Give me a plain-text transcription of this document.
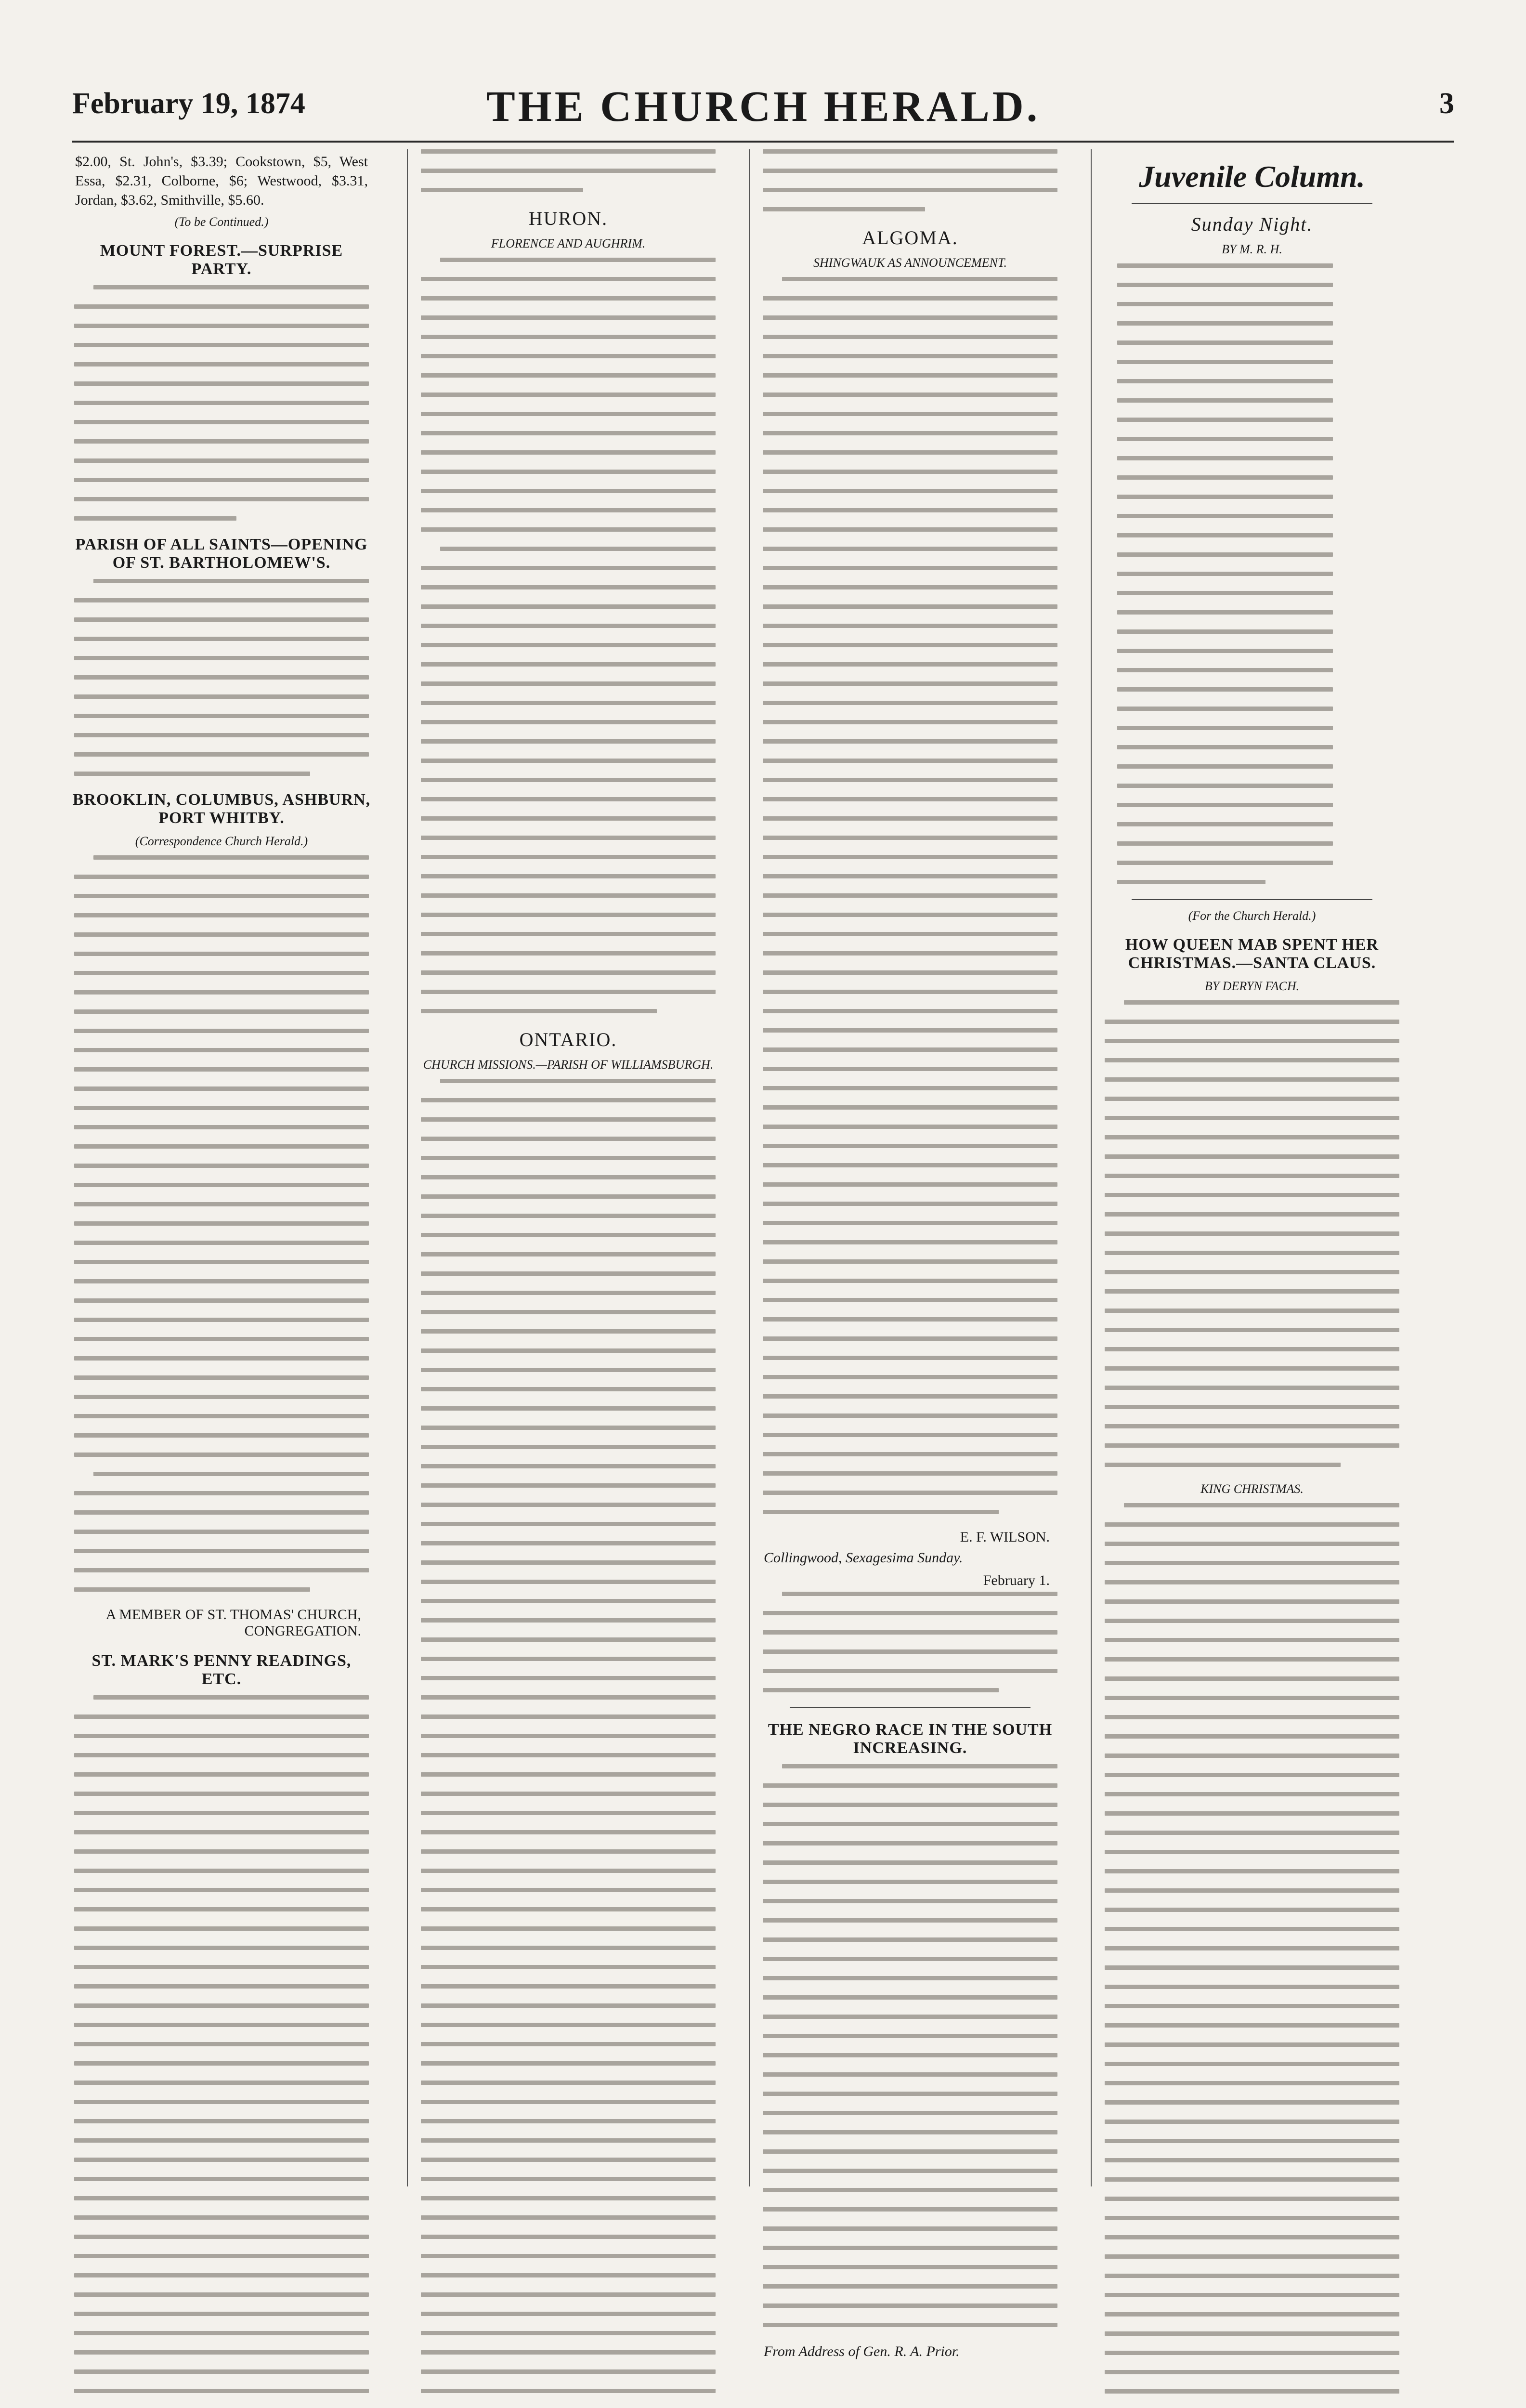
February 19, 1874	THE CHURCH HERALD.	3
$2.00, St. John's, $3.39; Cookstown, $5, West Essa, $2.31, Colborne, $6; Westwood, $3.31, Jordan, $3.62, Smithville, $5.60.
(To be Continued.)
MOUNT FOREST.—SURPRISE PARTY.
PARISH OF ALL SAINTS—OPENING OF ST. BARTHOLOMEW'S.
BROOKLIN, COLUMBUS, ASHBURN, PORT WHITBY.
(Correspondence Church Herald.)
A MEMBER OF ST. THOMAS' CHURCH, CONGREGATION.
ST. MARK'S PENNY READINGS, ETC.
HURON.
FLORENCE AND AUGHRIM.
ONTARIO.
CHURCH MISSIONS.—PARISH OF WILLIAMSBURGH.
ALGOMA.
SHINGWAUK AS ANNOUNCEMENT.
E. F. WILSON.
Collingwood, Sexagesima Sunday.
February 1.
THE NEGRO RACE IN THE SOUTH INCREASING.
From Address of Gen. R. A. Prior.
Juvenile Column.
Sunday Night.
BY M. R. H.
(For the Church Herald.)
HOW QUEEN MAB SPENT HER CHRISTMAS.—SANTA CLAUS.
BY DERYN FACH.
KING CHRISTMAS.
